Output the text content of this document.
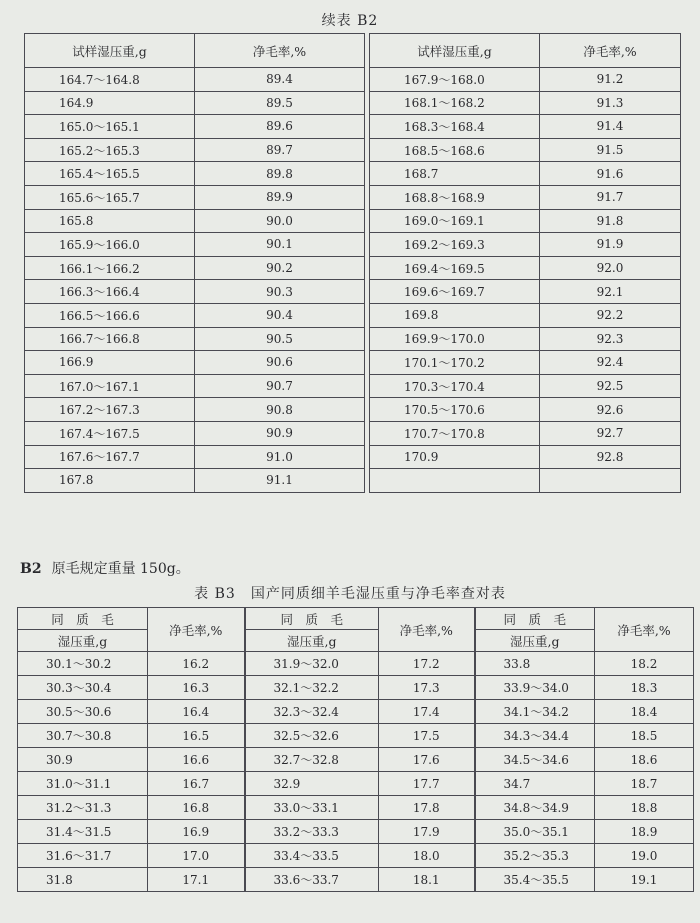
续表 B2
试样湿压重,g	净毛率,%		试样湿压重,g	净毛率,%
164.7～164.8	89.4		167.9～168.0	91.2
164.9	89.5		168.1～168.2	91.3
165.0～165.1	89.6		168.3～168.4	91.4
165.2～165.3	89.7		168.5～168.6	91.5
165.4～165.5	89.8		168.7	91.6
165.6～165.7	89.9		168.8～168.9	91.7
165.8	90.0		169.0～169.1	91.8
165.9～166.0	90.1		169.2～169.3	91.9
166.1～166.2	90.2		169.4～169.5	92.0
166.3～166.4	90.3		169.6～169.7	92.1
166.5～166.6	90.4		169.8	92.2
166.7～166.8	90.5		169.9～170.0	92.3
166.9	90.6		170.1～170.2	92.4
167.0～167.1	90.7		170.3～170.4	92.5
167.2～167.3	90.8		170.5～170.6	92.6
167.4～167.5	90.9		170.7～170.8	92.7
167.6～167.7	91.0		170.9	92.8
167.8	91.1			
B2 原毛规定重量 150g。
表 B3　国产同质细羊毛湿压重与净毛率查对表
同　质　毛	净毛率,%	同　质　毛	净毛率,%	同　质　毛	净毛率,%
湿压重,g		湿压重,g		湿压重,g	
30.1～30.2	16.2	31.9～32.0	17.2	33.8	18.2
30.3～30.4	16.3	32.1～32.2	17.3	33.9～34.0	18.3
30.5～30.6	16.4	32.3～32.4	17.4	34.1～34.2	18.4
30.7～30.8	16.5	32.5～32.6	17.5	34.3～34.4	18.5
30.9	16.6	32.7～32.8	17.6	34.5～34.6	18.6
31.0～31.1	16.7	32.9	17.7	34.7	18.7
31.2～31.3	16.8	33.0～33.1	17.8	34.8～34.9	18.8
31.4～31.5	16.9	33.2～33.3	17.9	35.0～35.1	18.9
31.6～31.7	17.0	33.4～33.5	18.0	35.2～35.3	19.0
31.8	17.1	33.6～33.7	18.1	35.4～35.5	19.1
